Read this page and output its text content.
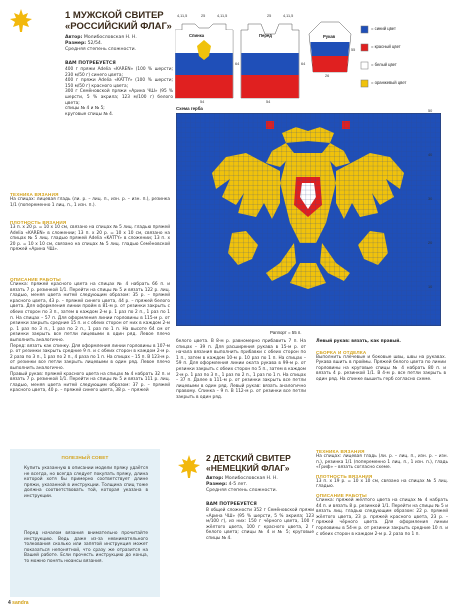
1 МУЖСКОЙ СВИТЕР
«РОССИЙСКИЙ ФЛАГ»
Автор: Молибословская Н. Н.
Размер: 52/54.
Средняя степень сложности.
ВАМ ПОТРЕБУЕТСЯ
400 г пряжи Adelia «KAREN» (100 % шерсти; 230 м/50 г) синего цвета;
400 г пряжи Adelia «KATTY» (100 % шерсти; 150 м/50 г) красного цвета;
300 г Семёновской пряжи «Арина ЧШ» (95 % шерсти, 5 % акрила; 123 м/100 г) белого цвета;
спицы № 4 и № 5;
круговые спицы № 4.
ТЕХНИКА ВЯЗАНИЯ
На спицах: лицевая гладь (ли. р. – лиц. п., изн. р. – изн. п.), резинка 1/1 (попеременно 1 лиц. п., 1 изн. п.).
ПЛОТНОСТЬ ВЯЗАНИЯ
13 п. x 20 р. = 10 x 10 см, связано на спицах № 5 лиц. гладью пряжей Adelia «KAREN» в сложении; 13 п. x 20 р. = 10 x 10 см, связано на спицах № 5 лиц. гладью пряжей Adelia «KATTY» в сложении; 13 п. x 20 р. = 10 x 10 см, связано на спицах № 5 лиц. гладью Семёновской пряжей «Арина ЧШ».
ОПИСАНИЕ РАБОТЫ
Спинка: пряжей красного цвета на спицах № 4 набрать 66 п. и вязать 7 р. резинкой 1/1. Перейти на спицы № 5 и вязать 122 р. лиц. гладью, меняя цвета нитей следующим образом: 35 р. – пряжей красного цвета, 43 р. – пряжей синего цвета, 44 р. – пряжей белого цвета. Для оформления линии пройм в 81-м р. от резинки закрыть с обеих сторон по 3 п., затем в каждом 2-м р. 1 раз по 2 п., 1 раз по 1 п. На спицах – 57 п. Для оформления линии горловины в 115-м р. от резинки закрыть средние 15 п. и с обеих сторон от них в каждом 2-м р. 1 раз по 3 п., 1 раз по 2 п., 1 раз по 1 п. На высоте 64 см от резинки закрыть все петли лицевыми в один ряд. Левое плечо выполнить аналогично.
Перед: вязать как спинку. Для оформления линии горловины в 107-м р. от резинки закрыть средние 9 п. и с обеих сторон в каждом 2-м р. 2 раза по 3 п., 1 раз по 2 п., 4 раза по 1 п. На спицах – 15 п. В 123-м р. от резинки все петли закрыть лицевыми в один ряд. Левое плечо выполнить аналогично.
Правый рукав: пряжей красного цвета на спицах № 4 набрать 32 п. и вязать 7 р. резинкой 1/1. Перейти на спицы № 5 и вязать 111 р. лиц. гладью, меняя цвета нитей следующим образом: 37 р. – пряжей красного цвета, 40 р. – пряжей синего цвета, 38 р. – пряжей
ПОЛЕЗНЫЙ СОВЕТ
Купить указанную в описании модели пряжу удаётся не всегда, но всегда следует покупать пряжу, длина которой хотя бы примерно соответствует длине пряжи, указанной в инструкции. Толщина спиц тоже должна соответствовать той, которая указана в инструкции.
Перед началом вязания внимательно прочитайте инструкцию. Ведь даже из-за невнимательного толкования сколько или запятой инструкция может показаться непонятной, что сразу же отразится на Вашей работе. Если прочесть инструкцию до конца, то можно понять нюансы вязания.
4 sandra
Спинка	Перед	Рукав
4,11,5	25	4,11,5	25	4,11,5
54	54
26
64	64
55
= синий цвет
= красный цвет
= белый цвет
= оранжевый цвет
Схема герба	50
40
30
20
10
Раппорт = 55 п.
белого цвета. В 8-м р. равномерно прибавить 7 п. На спицах – 39 п. Для расширения рукава в 15-м р. от начала вязания выполнить прибавки с обеих сторон по 1 п., затем в каждом 10-м р. 10 раз по 1 п. На спицах – 59 п. Для оформления линии оката рукава в 99-м р. от резинки закрыть с обеих сторон по 5 п., затем в каждом 2-м р. 1 раз по 3 п., 1 раз по 2 п., 1 раз по 1 п. На спицах – 37 п. Далее в 111-м р. от резинки закрыть все петли лицевыми в один ряд. Левый рукав: вязать аналогично правому. Спинка – 9 п. В 112-м р. от резинки все петли закрыть в один ряд.
Левый рукав: вязать, как правый.
СБОРКА И ОТДЕЛКА
Выполнить плечевые и боковые швы, швы на рукавах. Рукава вшить в проймы. Пряжей белого цвета по линии горловины на круговые спицы № 4 набрать 80 п. и вязать 4 р. резинкой 1/1. В 4-м р. все петли закрыть в один ряд. На спинке вышить герб согласно схеме.
2 ДЕТСКИЙ СВИТЕР
«НЕМЕЦКИЙ ФЛАГ»
Автор: Молибословская Н. Н.
Размер: 4-5 лет.
Средняя степень сложности.
ВАМ ПОТРЕБУЕТСЯ
В общей сложности 352 г Семёновской пряжи «Арина ЧШ» (95 % шерсти, 5 % акрила; 123 м/100 г), из них: 150 г чёрного цвета, 100 г жёлтого цвета, 100 г красного цвета, 2 г белого цвета; спицы № 4 и № 5; круговые спицы № 4.
ТЕХНИКА ВЯЗАНИЯ
На спицах: лицевая гладь (ли. р. – лиц. п., изн. р. – изн. п.), резинка 1/1 (попеременно 1 лиц. п., 1 изн. п.), гладь «Гриф» – вязать согласно схеме.
ПЛОТНОСТЬ ВЯЗАНИЯ
13 п. x 19 р. = 10 x 10 см, связано на спицах № 5 лиц. гладью.
ОПИСАНИЕ РАБОТЫ
Спинка: пряжей жёлтого цвета на спицах № 4 набрать 44 п. и вязать 8 р. резинкой 1/1. Перейти на спицы № 5 и вязать лиц. гладью следующим образом: 22 р. пряжей жёлтого цвета, 23 р. пряжей красного цвета, 23 р. – пряжей чёрного цвета. Для оформления линии горловины в 54-м р. от резинки закрыть средние 10 п. и с обеих сторон в каждом 2-м р. 2 раза по 1 п.
